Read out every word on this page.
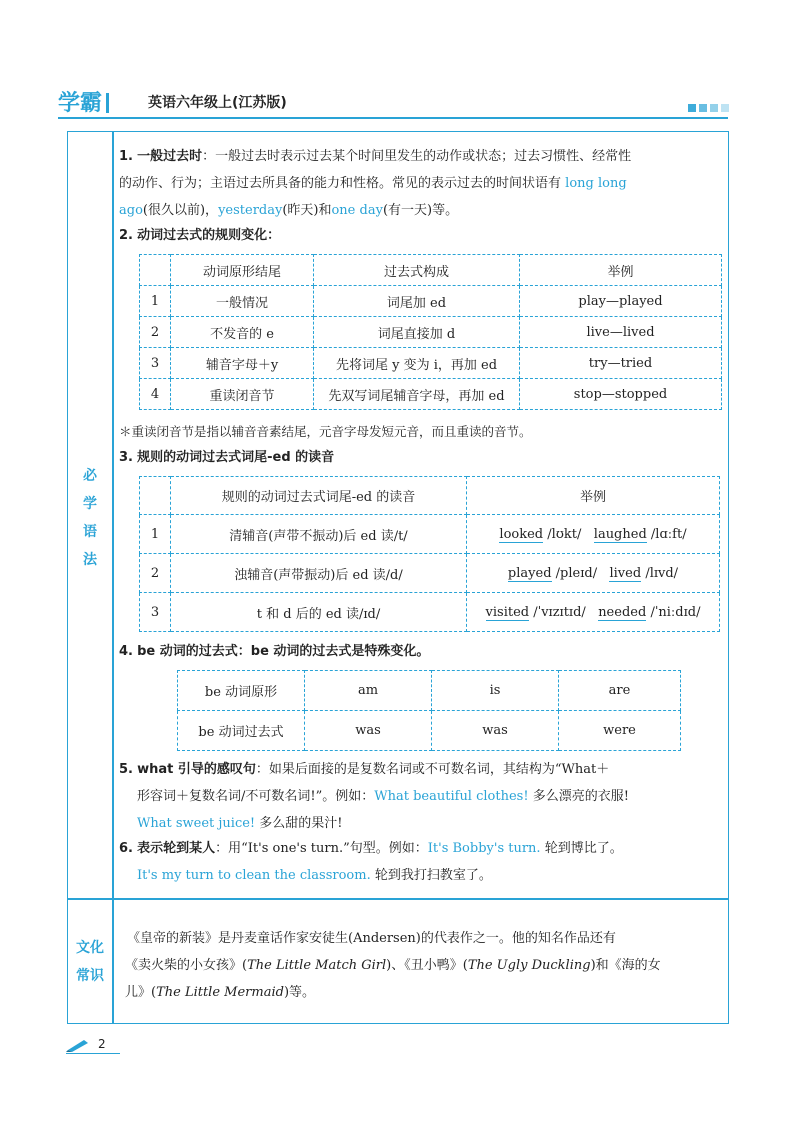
学霸	英语六年级上(江苏版)
必
学
语
法
文化
常识
1. 一般过去时：一般过去时表示过去某个时间里发生的动作或状态；过去习惯性、经常性
的动作、行为；主语过去所具备的能力和性格。常见的表示过去的时间状语有 long long
ago(很久以前)，yesterday(昨天)和one day(有一天)等。
2. 动词过去式的规则变化：
	动词原形结尾	过去式构成	举例
1	一般情况	词尾加 ed	play—played
2	不发音的 e	词尾直接加 d	live—lived
3	辅音字母＋y	先将词尾 y 变为 i，再加 ed	try—tried
4	重读闭音节	先双写词尾辅音字母，再加 ed	stop—stopped
＊重读闭音节是指以辅音音素结尾，元音字母发短元音，而且重读的音节。
3. 规则的动词过去式词尾-ed 的读音
	规则的动词过去式词尾-ed 的读音	举例
1	清辅音(声带不振动)后 ed 读/t/	looked /lʊkt/ laughed /lɑːft/
2	浊辅音(声带振动)后 ed 读/d/	played /pleɪd/ lived /lɪvd/
3	t 和 d 后的 ed 读/ɪd/	visited /ˈvɪzɪtɪd/ needed /ˈniːdɪd/
4. be 动词的过去式：be 动词的过去式是特殊变化。
be 动词原形	am	is	are
be 动词过去式	was	was	were
5. what 引导的感叹句：如果后面接的是复数名词或不可数名词，其结构为“What＋
形容词＋复数名词/不可数名词!”。例如：What beautiful clothes! 多么漂亮的衣服!
What sweet juice! 多么甜的果汁!
6. 表示轮到某人：用“It's one's turn.”句型。例如：It's Bobby's turn. 轮到博比了。
It's my turn to clean the classroom. 轮到我打扫教室了。
《皇帝的新装》是丹麦童话作家安徒生(Andersen)的代表作之一。他的知名作品还有
《卖火柴的小女孩》(The Little Match Girl)、《丑小鸭》(The Ugly Duckling)和《海的女
儿》(The Little Mermaid)等。
2
